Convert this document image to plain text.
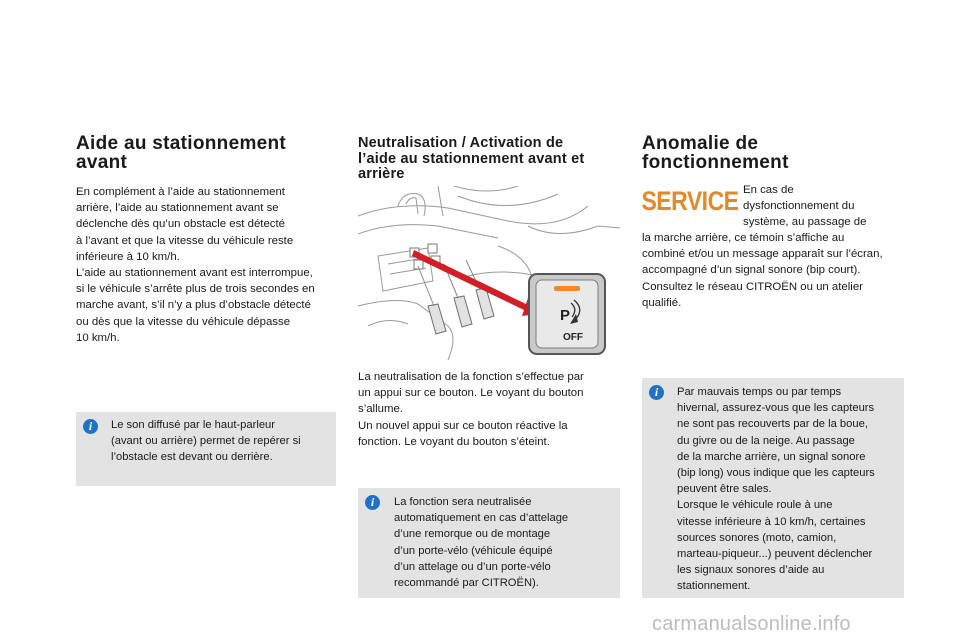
Aide au stationnement
avant

En complément à l’aide au stationnement
arrière, l’aide au stationnement avant se
déclenche dès qu’un obstacle est détecté
à l’avant et que la vitesse du véhicule reste
inférieure à 10 km/h.
L’aide au stationnement avant est interrompue,
si le véhicule s’arrête plus de trois secondes en
marche avant, s’il n’y a plus d’obstacle détecté
ou dès que la vitesse du véhicule dépasse
10 km/h.

i	Le son diffusé par le haut-parleur
(avant ou arrière) permet de repérer si
l’obstacle est devant ou derrière.

Neutralisation / Activation de
l’aide au stationnement avant et
arrière
P
OFF

La neutralisation de la fonction s’effectue par
un appui sur ce bouton. Le voyant du bouton
s’allume.
Un nouvel appui sur ce bouton réactive la
fonction. Le voyant du bouton s’éteint.

i	La fonction sera neutralisée
automatiquement en cas d’attelage
d’une remorque ou de montage
d’un porte-vélo (véhicule équipé
d’un attelage ou d’un porte-vélo
recommandé par CITROËN).

Anomalie de
fonctionnement
SERVICE En cas de
dysfonctionnement du
système, au passage de

la marche arrière, ce témoin s’affiche au
combiné et/ou un message apparaît sur l’écran,
accompagné d’un signal sonore (bip court).
Consultez le réseau CITROËN ou un atelier
qualifié.

i	Par mauvais temps ou par temps
hivernal, assurez-vous que les capteurs
ne sont pas recouverts par de la boue,
du givre ou de la neige. Au passage
de la marche arrière, un signal sonore
(bip long) vous indique que les capteurs
peuvent être sales.
Lorsque le véhicule roule à une
vitesse inférieure à 10 km/h, certaines
sources sonores (moto, camion,
marteau-piqueur...) peuvent déclencher
les signaux sonores d’aide au
stationnement.

carmanualsonline.info
